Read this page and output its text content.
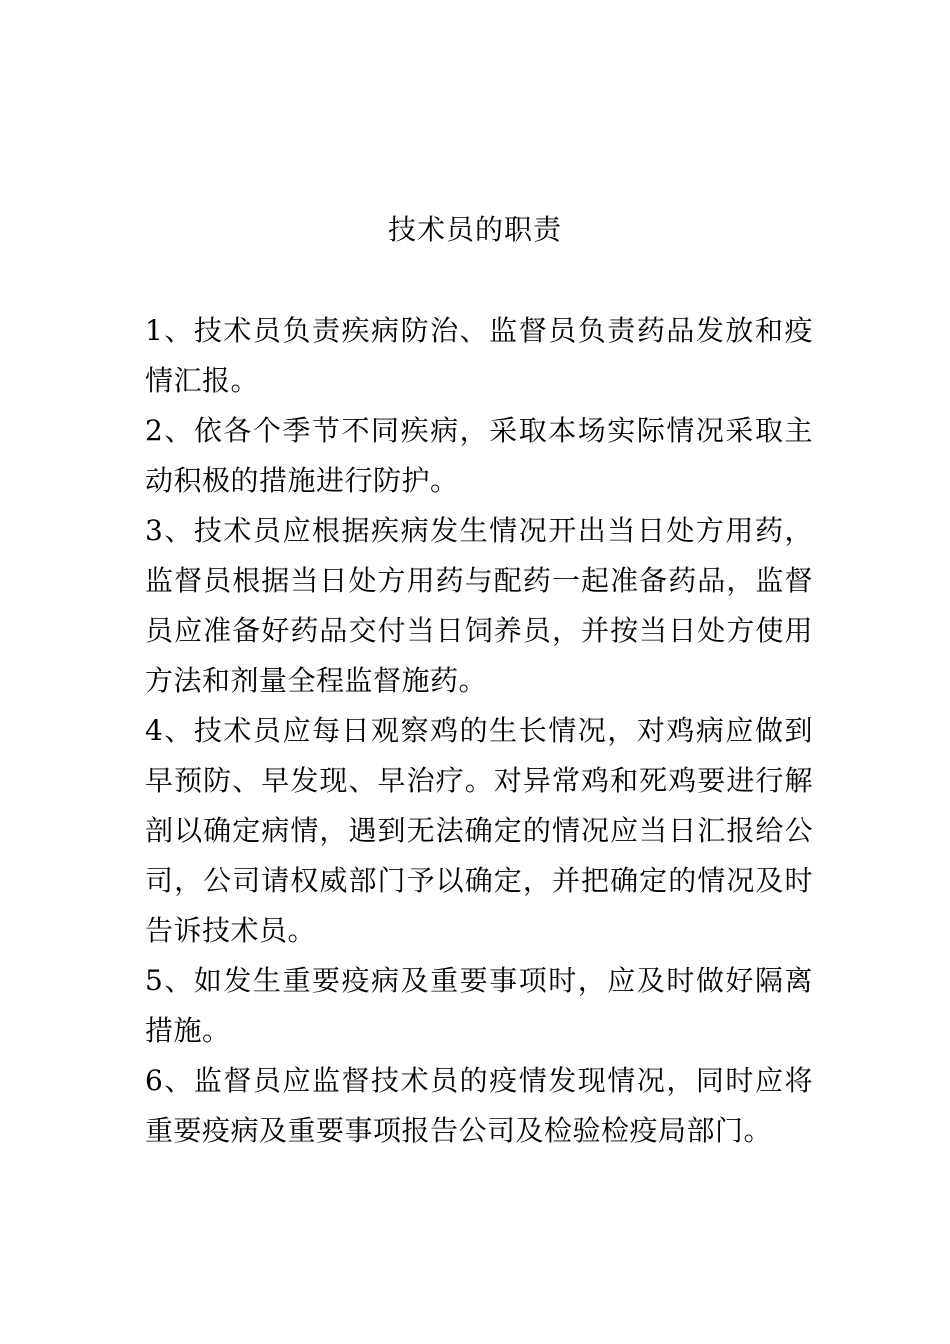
技术员的职责

1、技术员负责疾病防治、监督员负责药品发放和疫情汇报。

2、依各个季节不同疾病，采取本场实际情况采取主动积极的措施进行防护。

3、技术员应根据疾病发生情况开出当日处方用药，监督员根据当日处方用药与配药一起准备药品，监督员应准备好药品交付当日饲养员，并按当日处方使用方法和剂量全程监督施药。

4、技术员应每日观察鸡的生长情况，对鸡病应做到早预防、早发现、早治疗。对异常鸡和死鸡要进行解剖以确定病情，遇到无法确定的情况应当日汇报给公司，公司请权威部门予以确定，并把确定的情况及时告诉技术员。

5、如发生重要疫病及重要事项时，应及时做好隔离措施。

6、监督员应监督技术员的疫情发现情况，同时应将重要疫病及重要事项报告公司及检验检疫局部门。
